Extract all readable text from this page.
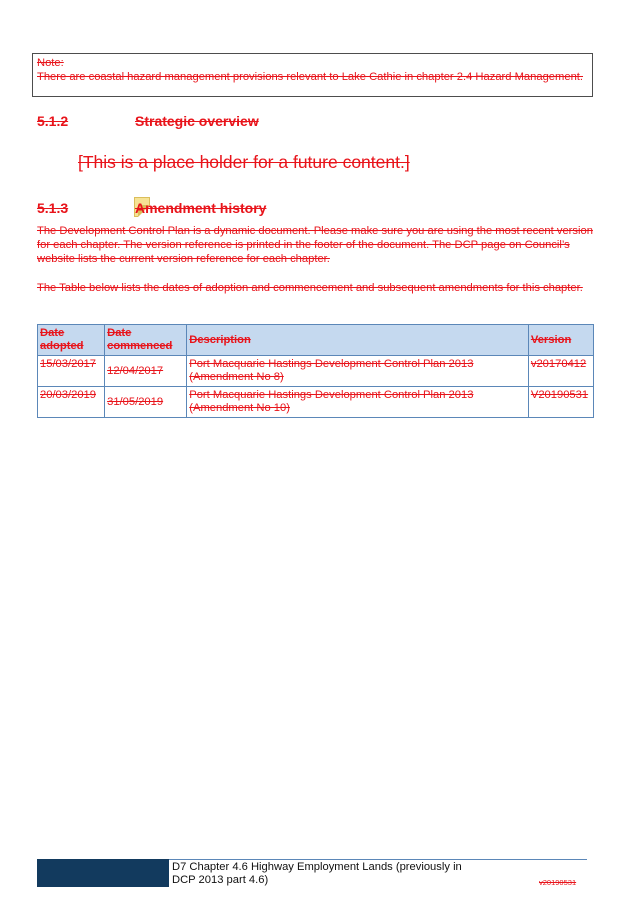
Note:
There are coastal hazard management provisions relevant to Lake Cathie in chapter 2.4 Hazard Management.
5.1.2	Strategic overview
[This is a place holder for a future content.]
5.1.3	Amendment history
The Development Control Plan is a dynamic document. Please make sure you are using the most recent version for each chapter. The version reference is printed in the footer of the document. The DCP page on Council’s website lists the current version reference for each chapter.
The Table below lists the dates of adoption and commencement and subsequent amendments for this chapter.
Date adopted	Date commenced	Description	Version
15/03/2017	12/04/2017	Port Macquarie Hastings Development Control Plan 2013 (Amendment No 8)	v20170412
20/03/2019	31/05/2019	Port Macquarie Hastings Development Control Plan 2013 (Amendment No 10)	V20190531
D7 Chapter 4.6 Highway Employment Lands (previously in DCP 2013 part 4.6)	v20190531
